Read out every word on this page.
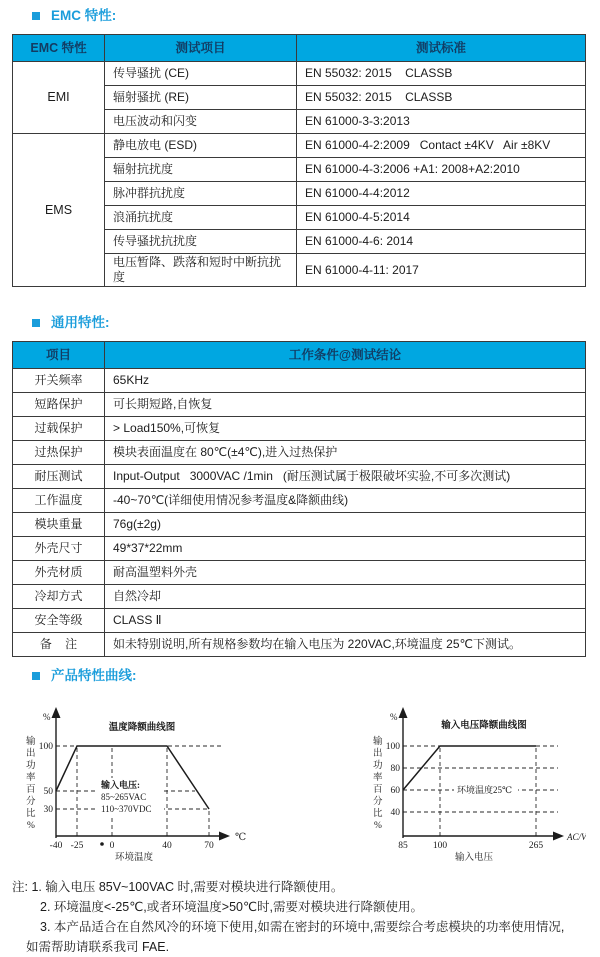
EMC 特性:
EMC 特性	测试项目	测试标准
EMI	传导骚扰 (CE)	EN 55032: 2015    CLASSB
	辐射骚扰 (RE)	EN 55032: 2015    CLASSB
	电压波动和闪变	EN 61000-3-3:2013
EMS	静电放电 (ESD)	EN 61000-4-2:2009   Contact ±4KV   Air ±8KV
	辐射抗扰度	EN 61000-4-3:2006 +A1: 2008+A2:2010
	脉冲群抗扰度	EN 61000-4-4:2012
	浪涌抗扰度	EN 61000-4-5:2014
	传导骚扰抗扰度	EN 61000-4-6: 2014
	电压暂降、跌落和短时中断抗扰度	EN 61000-4-11: 2017
通用特性:
项目	工作条件@测试结论
开关频率	65KHz
短路保护	可长期短路,自恢复
过载保护	> Load150%,可恢复
过热保护	模块表面温度在 80℃(±4℃),进入过热保护
耐压测试	Input-Output   3000VAC /1min   (耐压测试属于极限破坏实验,不可多次测试)
工作温度	-40~70℃(详细使用情况参考温度&降额曲线)
模块重量	76g(±2g)
外壳尺寸	49*37*22mm
外壳材质	耐高温塑料外壳
冷却方式	自然冷却
安全等级	CLASS Ⅱ
备    注	如未特别说明,所有规格参数均在输入电压为 220VAC,环境温度 25℃下测试。
产品特性曲线:
温度降额曲线图
%
℃
100
50
30
-40 -25	0	40	70
环境温度
输出功率百分比%
输入电压:
85~265VAC
110~370VDC
输入电压降额曲线图
%
AC/V
100
80
60
40
85	100	265
输入电压
输出功率百分比%
环境温度25℃
注: 1. 输入电压 85V~100VAC 时,需要对模块进行降额使用。
2. 环境温度<-25℃,或者环境温度>50℃时,需要对模块进行降额使用。
3. 本产品适合在自然风冷的环境下使用,如需在密封的环境中,需要综合考虑模块的功率使用情况,
如需帮助请联系我司 FAE.
